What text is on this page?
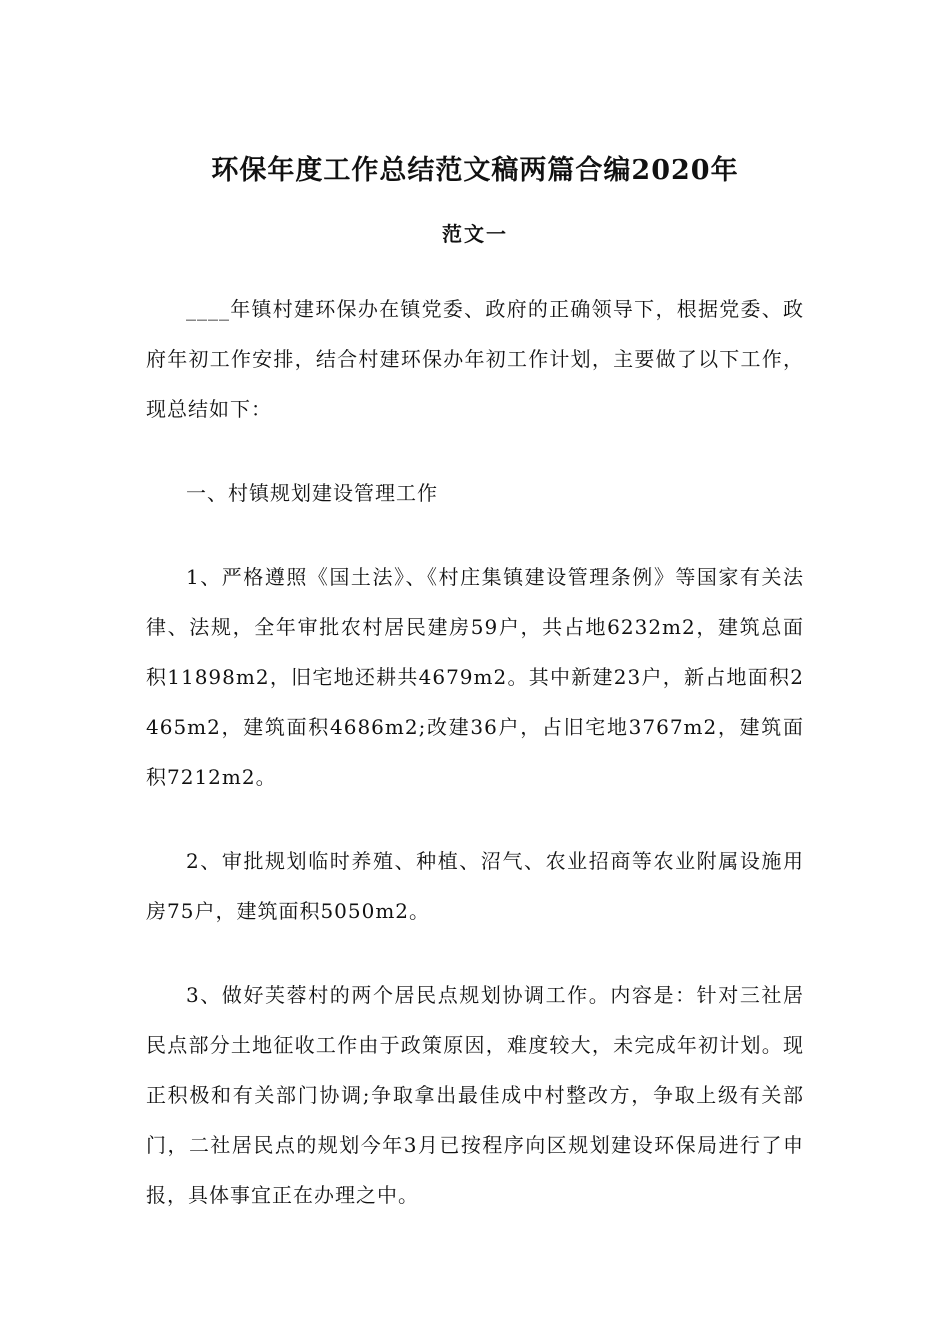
环保年度工作总结范文稿两篇合编2020年
范文一

____年镇村建环保办在镇党委、政府的正确领导下，根据党委、政府年初工作安排，结合村建环保办年初工作计划，主要做了以下工作，现总结如下：

一、村镇规划建设管理工作

1、严格遵照《国土法》、《村庄集镇建设管理条例》等国家有关法律、法规，全年审批农村居民建房59户，共占地6232m2，建筑总面积11898m2，旧宅地还耕共4679m2。其中新建23户，新占地面积2465m2，建筑面积4686m2;改建36户，占旧宅地3767m2，建筑面积7212m2。

2、审批规划临时养殖、种植、沼气、农业招商等农业附属设施用房75户，建筑面积5050m2。

3、做好芙蓉村的两个居民点规划协调工作。内容是：针对三社居民点部分土地征收工作由于政策原因，难度较大，未完成年初计划。现正积极和有关部门协调;争取拿出最佳成中村整改方，争取上级有关部门，二社居民点的规划今年3月已按程序向区规划建设环保局进行了申报，具体事宜正在办理之中。
